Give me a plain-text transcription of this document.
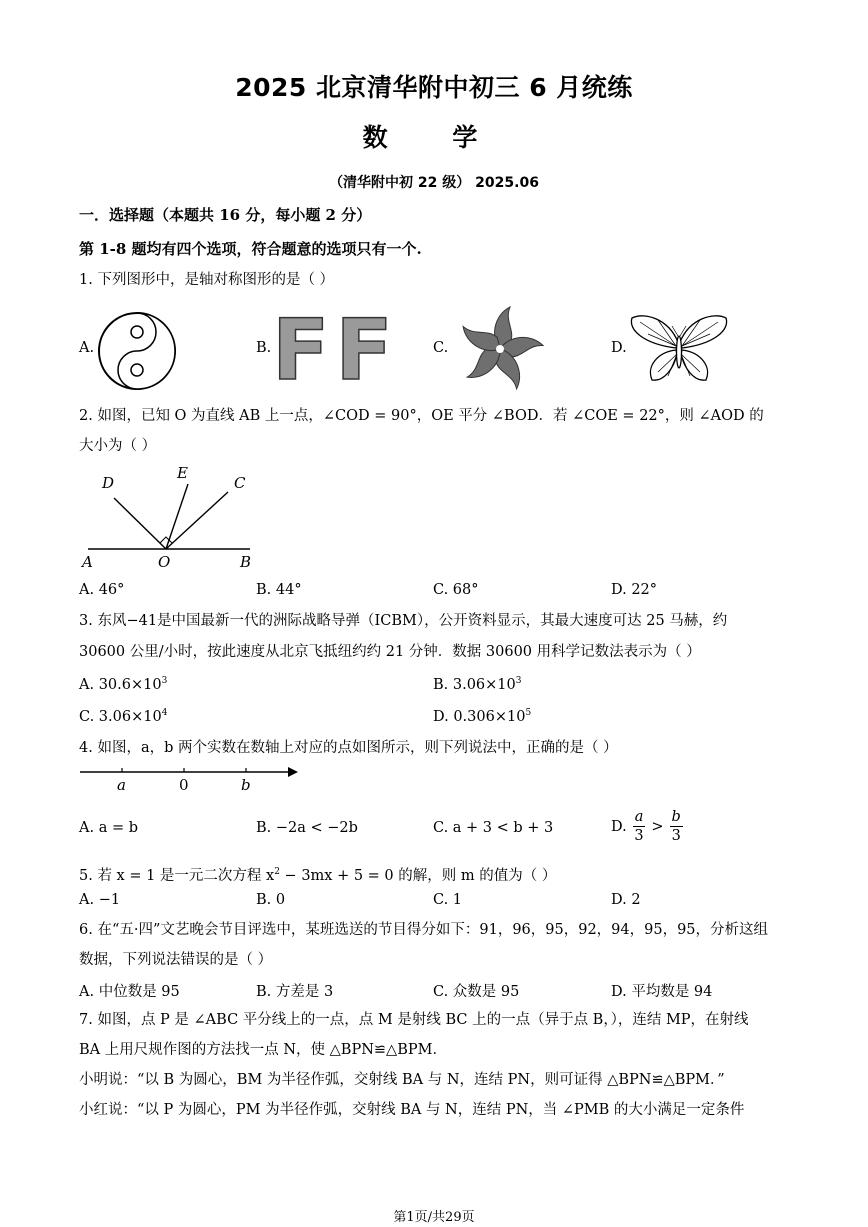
2025 北京清华附中初三 6 月统练
数 学
（清华附中初 22 级） 2025.06
一．选择题（本题共 16 分，每小题 2 分）
第 1-8 题均有四个选项，符合题意的选项只有一个.
1. 下列图形中，是轴对称图形的是（ ）
A.	B.	C.	D.
FF
2. 如图，已知 O 为直线 AB 上一点，∠COD = 90°，OE 平分 ∠BOD．若 ∠COE = 22°，则 ∠AOD 的
大小为（ ）
D
E
C
A	O	B
A. 46°	B. 44°	C. 68°	D. 22°
3. 东风−41是中国最新一代的洲际战略导弹（ICBM），公开资料显示，其最大速度可达 25 马赫，约
30600 公里/小时，按此速度从北京飞抵纽约约 21 分钟．数据 30600 用科学记数法表示为（ ）
A. $30.6\times 10^3$	B. $3.06\times 10^3$
C. $3.06\times 10^4$	D. $0.306\times 10^5$
4. 如图，a，b 两个实数在数轴上对应的点如图所示，则下列说法中，正确的是（ ）
a	0	b
A. a = b	B. −2a < −2b	C. a + 3 < b + 3	D.
a
3
>
b
3
5. 若 x = 1 是一元二次方程 $x^2 - 3mx + 5 = 0$ 的解，则 m 的值为（ ）
A. −1	B. 0	C. 1	D. 2
6. 在“五·四”文艺晚会节目评选中，某班选送的节目得分如下：91，96，95，92，94，95，95，分析这组
数据，下列说法错误的是（ ）
A. 中位数是 95	B. 方差是 3	C. 众数是 95	D. 平均数是 94
7. 如图，点 P 是 ∠ABC 平分线上的一点，点 M 是射线 BC 上的一点（异于点 B，），连结 MP，在射线
BA 上用尺规作图的方法找一点 N，使 △BPN≌△BPM．
小明说：“以 B 为圆心，BM 为半径作弧，交射线 BA 与 N，连结 PN，则可证得 △BPN≌△BPM．”
小红说：“以 P 为圆心，PM 为半径作弧，交射线 BA 与 N，连结 PN，当 ∠PMB 的大小满足一定条件
第1页/共29页
